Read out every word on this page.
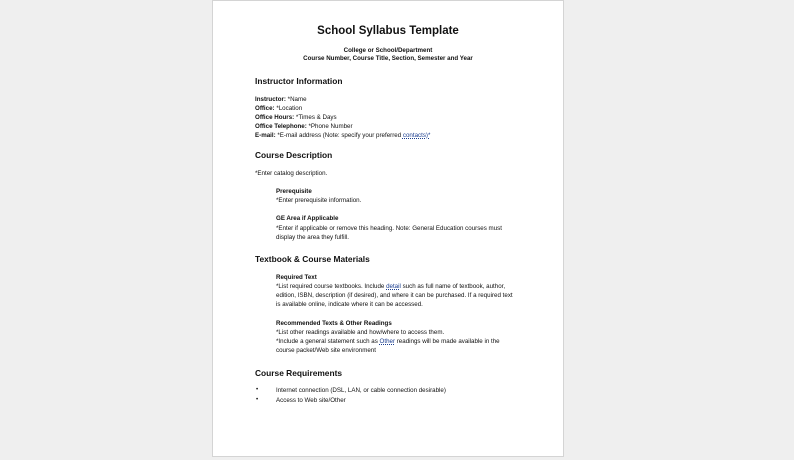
School Syllabus Template
College or School/Department
Course Number, Course Title, Section, Semester and Year
Instructor Information
Instructor: *Name
Office: *Location
Office Hours: *Times & Days
Office Telephone: *Phone Number
E-mail: *E-mail address (Note: specify your preferred contacts)*
Course Description
*Enter catalog description.
Prerequisite
*Enter prerequisite information.
GE Area if Applicable
*Enter if applicable or remove this heading. Note: General Education courses must
display the area they fulfill.
Textbook & Course Materials
Required Text
*List required course textbooks. Include detail such as full name of textbook, author,
edition, ISBN, description (if desired), and where it can be purchased. If a required text
is available online, indicate where it can be accessed.
Recommended Texts & Other Readings
*List other readings available and how/where to access them.
*Include a general statement such as Other readings will be made available in the
course packet/Web site environment
Course Requirements
•	Internet connection (DSL, LAN, or cable connection desirable)
•	Access to Web site/Other
